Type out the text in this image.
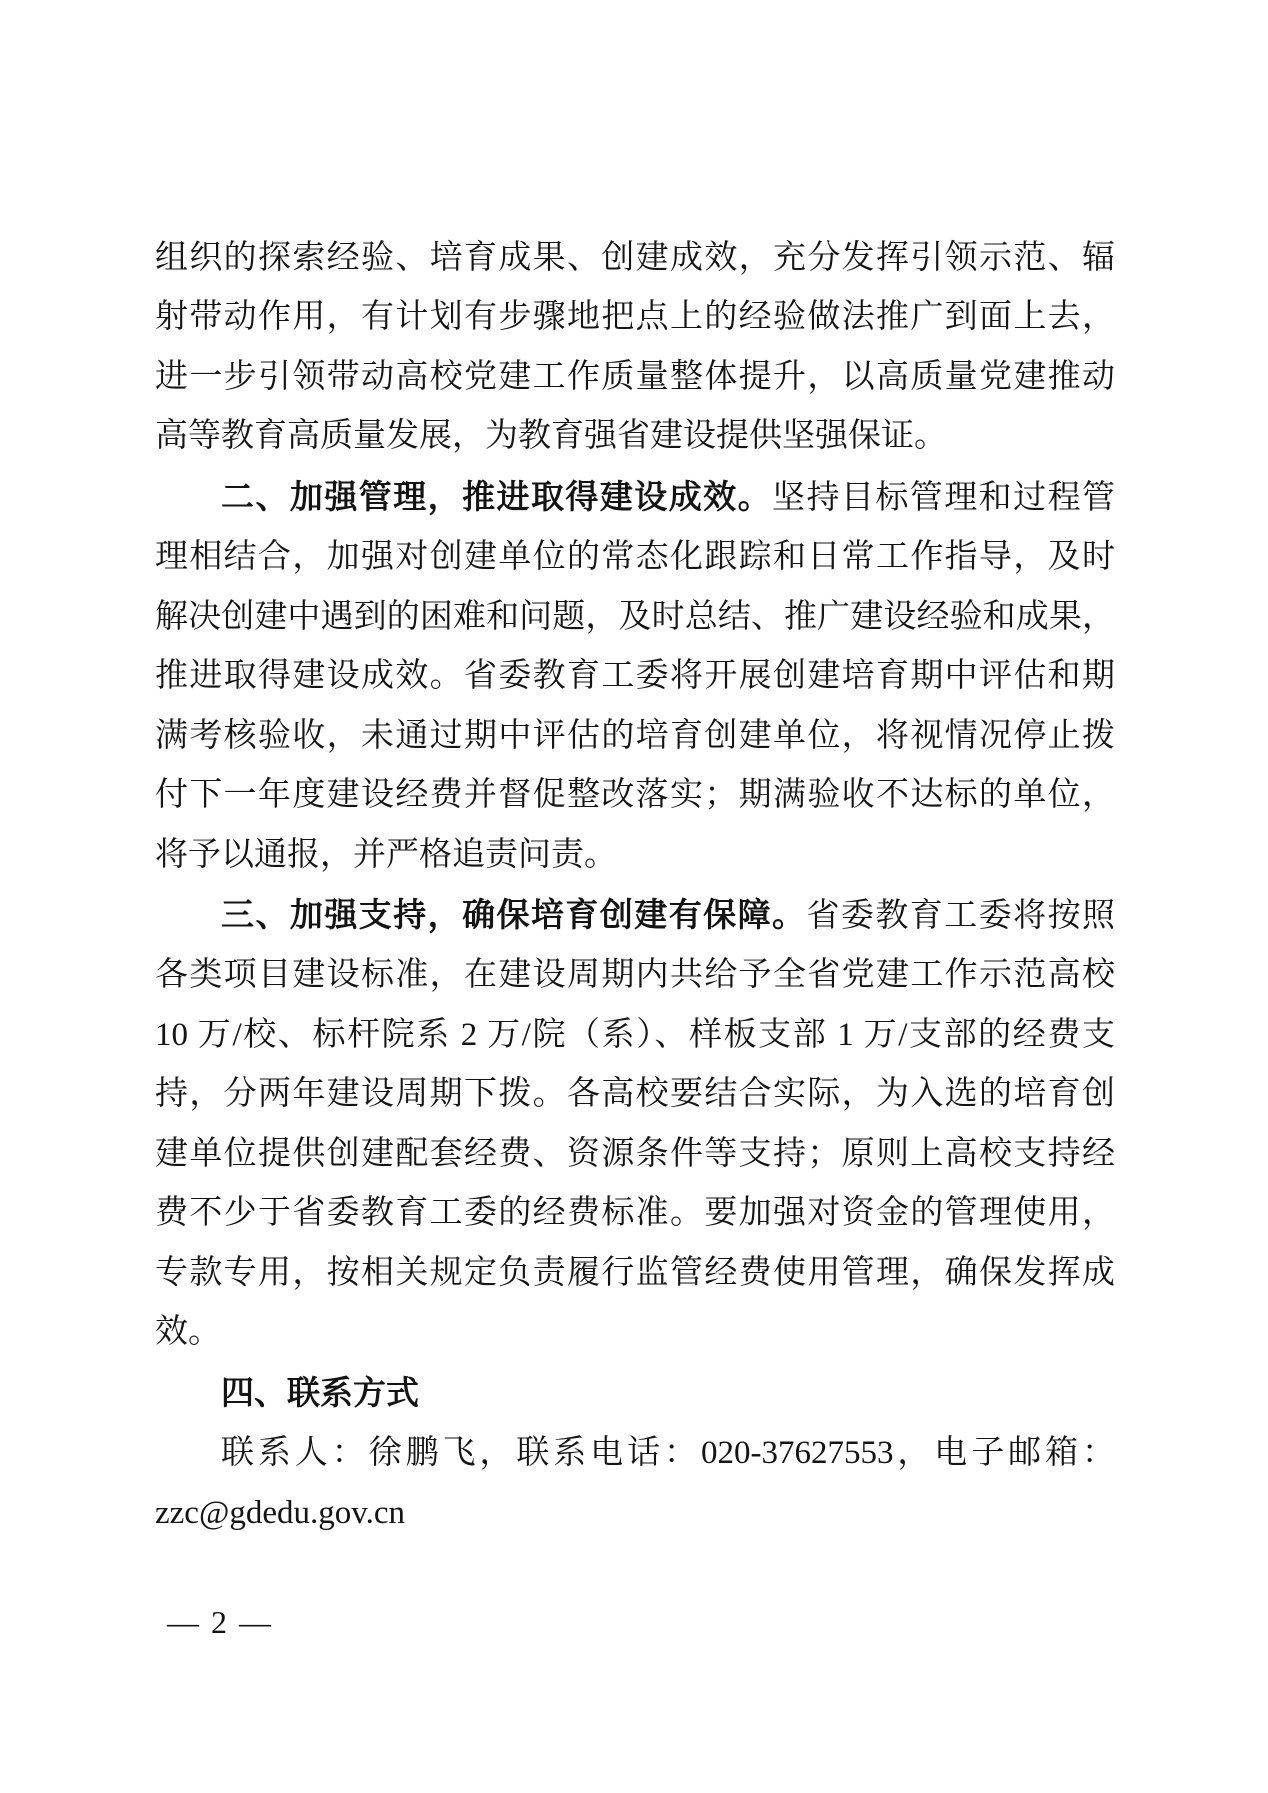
组织的探索经验、培育成果、创建成效，充分发挥引领示范、辐
射带动作用，有计划有步骤地把点上的经验做法推广到面上去，
进一步引领带动高校党建工作质量整体提升，以高质量党建推动
高等教育高质量发展，为教育强省建设提供坚强保证。
二、加强管理，推进取得建设成效。坚持目标管理和过程管
理相结合，加强对创建单位的常态化跟踪和日常工作指导，及时
解决创建中遇到的困难和问题，及时总结、推广建设经验和成果，
推进取得建设成效。省委教育工委将开展创建培育期中评估和期
满考核验收，未通过期中评估的培育创建单位，将视情况停止拨
付下一年度建设经费并督促整改落实；期满验收不达标的单位，
将予以通报，并严格追责问责。
三、加强支持，确保培育创建有保障。省委教育工委将按照
各类项目建设标准，在建设周期内共给予全省党建工作示范高校
10 万/校、标杆院系 2 万/院（系）、样板支部 1 万/支部的经费支
持，分两年建设周期下拨。各高校要结合实际，为入选的培育创
建单位提供创建配套经费、资源条件等支持；原则上高校支持经
费不少于省委教育工委的经费标准。要加强对资金的管理使用，
专款专用，按相关规定负责履行监管经费使用管理，确保发挥成
效。
四、联系方式
联系人：徐鹏飞，联系电话：020-37627553，电子邮箱：
zzc@gdedu.gov.cn
— 2 —
